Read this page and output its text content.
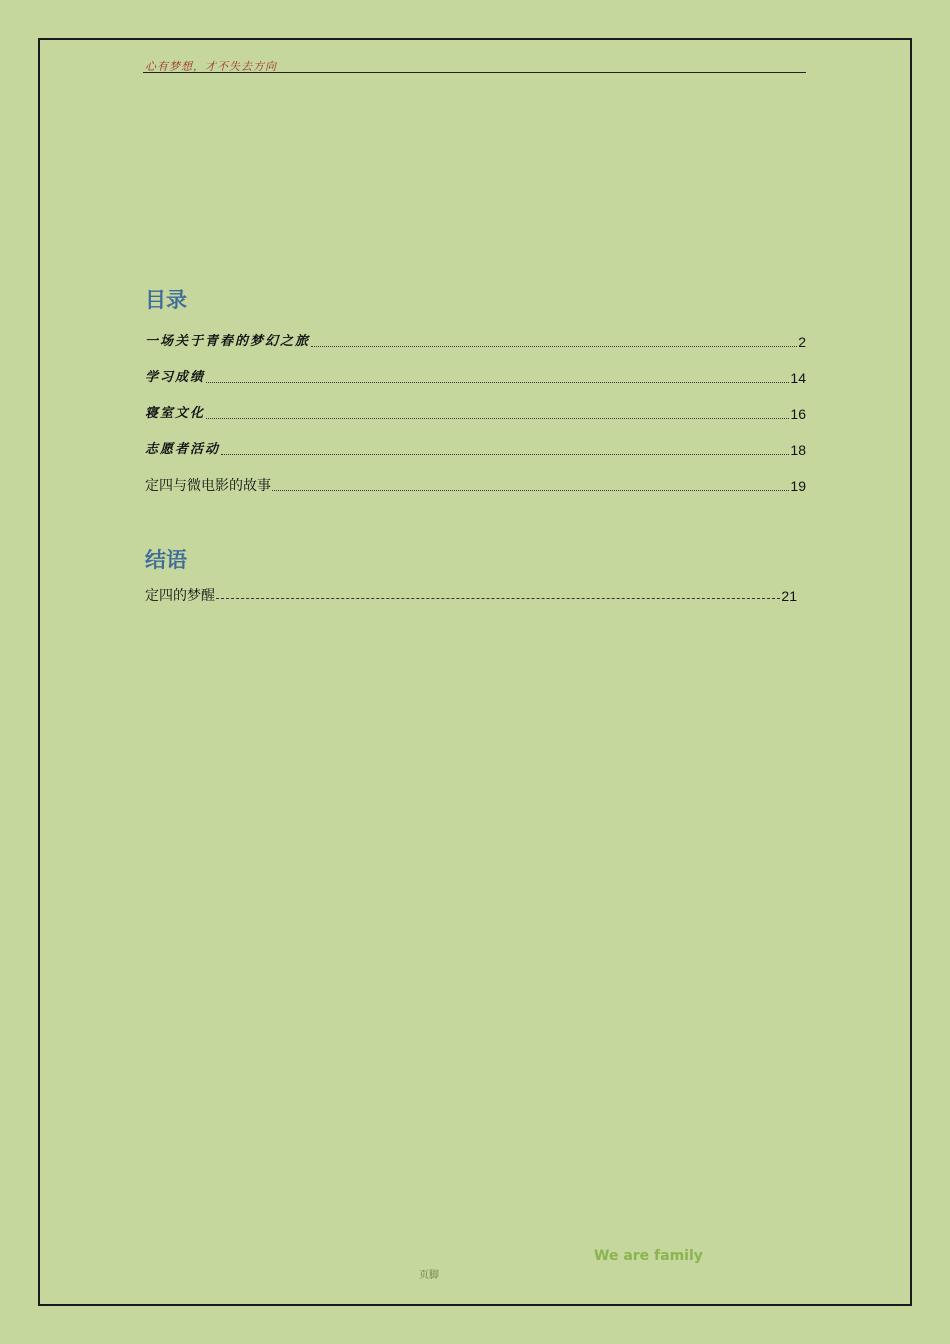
心有梦想，才不失去方向
目录
一场关于青春的梦幻之旅	2
学习成绩	14
寝室文化	16
志愿者活动	18
定四与微电影的故事	19
结语
定四的梦醒	21
We are family
页脚
